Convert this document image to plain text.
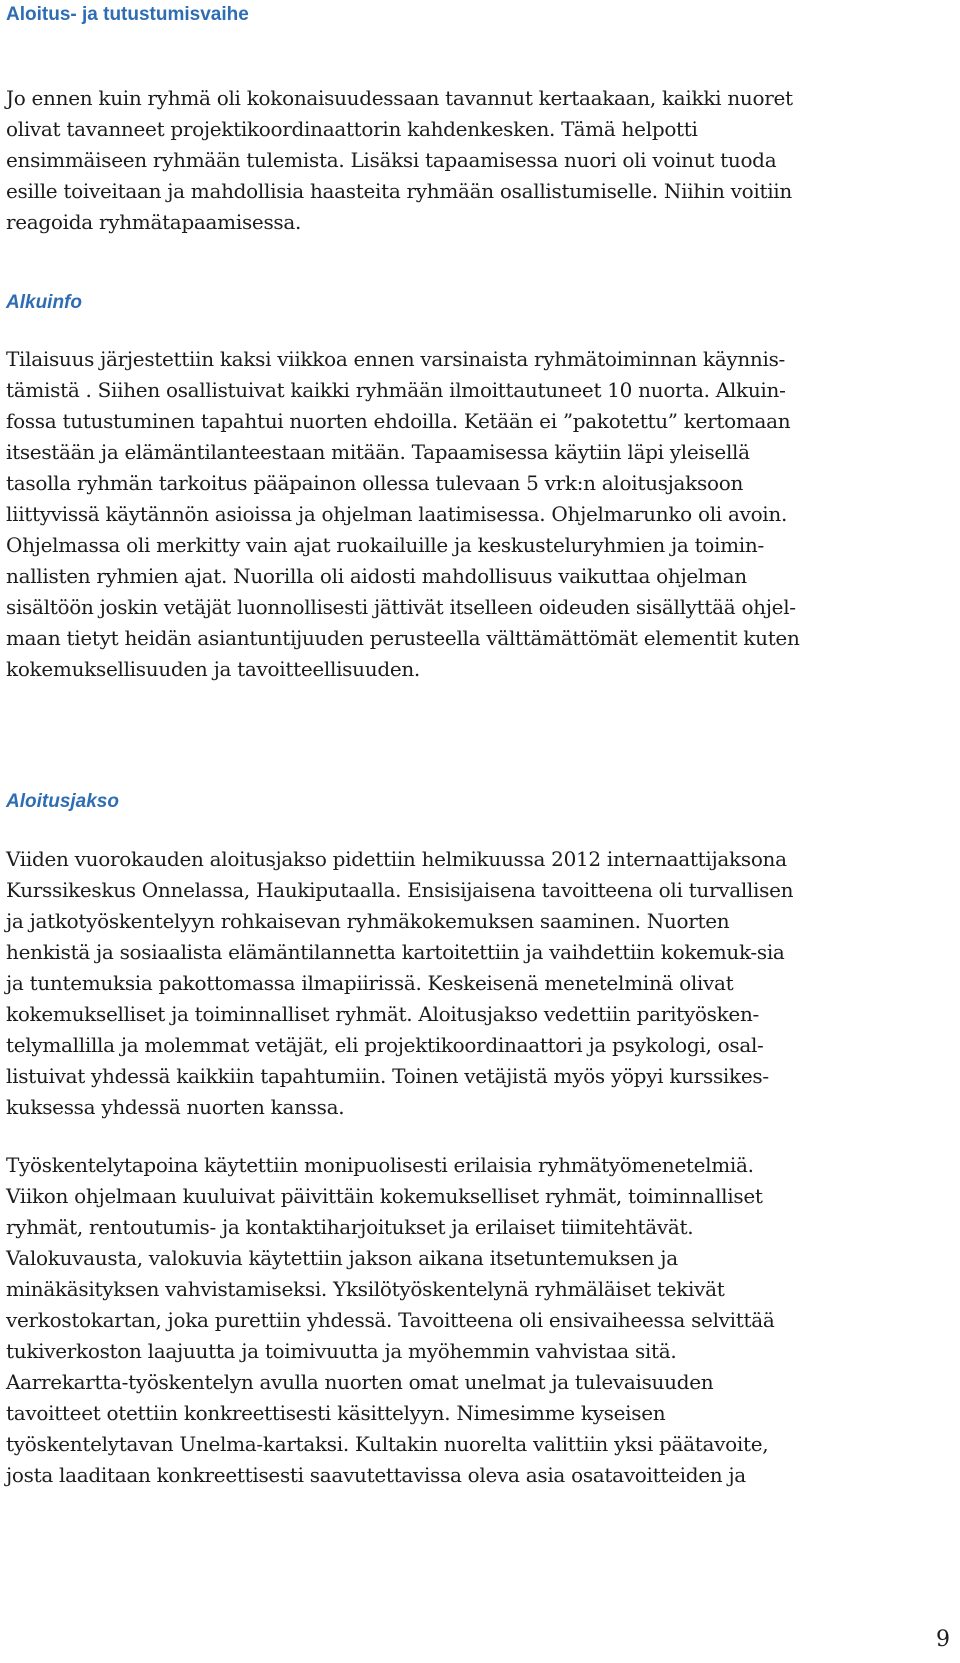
Aloitus- ja tutustumisvaihe

Jo ennen kuin ryhmä oli kokonaisuudessaan tavannut kertaakaan, kaikki nuoret
olivat tavanneet projektikoordinaattorin kahdenkesken. Tämä helpotti
ensimmäiseen ryhmään tulemista. Lisäksi tapaamisessa nuori oli voinut tuoda
esille toiveitaan ja mahdollisia haasteita ryhmään osallistumiselle. Niihin voitiin
reagoida ryhmätapaamisessa.

Alkuinfo

Tilaisuus järjestettiin kaksi viikkoa ennen varsinaista ryhmätoiminnan käynnis-
tämistä . Siihen osallistuivat kaikki ryhmään ilmoittautuneet 10 nuorta. Alkuin-
fossa tutustuminen tapahtui nuorten ehdoilla. Ketään ei ”pakotettu” kertomaan
itsestään ja elämäntilanteestaan mitään. Tapaamisessa käytiin läpi yleisellä
tasolla ryhmän tarkoitus pääpainon ollessa tulevaan 5 vrk:n aloitusjaksoon
liittyvissä käytännön asioissa ja ohjelman laatimisessa. Ohjelmarunko oli avoin.
Ohjelmassa oli merkitty vain ajat ruokailuille ja keskusteluryhmien ja toimin-
nallisten ryhmien ajat. Nuorilla oli aidosti mahdollisuus vaikuttaa ohjelman
sisältöön joskin vetäjät luonnollisesti jättivät itselleen oideuden sisällyttää ohjel-
maan tietyt heidän asiantuntijuuden perusteella välttämättömät elementit kuten
kokemuksellisuuden ja tavoitteellisuuden.

Aloitusjakso

Viiden vuorokauden aloitusjakso pidettiin helmikuussa 2012 internaattijaksona
Kurssikeskus Onnelassa, Haukiputaalla. Ensisijaisena tavoitteena oli turvallisen
ja jatkotyöskentelyyn rohkaisevan ryhmäkokemuksen saaminen. Nuorten
henkistä ja sosiaalista elämäntilannetta kartoitettiin ja vaihdettiin kokemuk-sia
ja tuntemuksia pakottomassa ilmapiirissä. Keskeisenä menetelminä olivat
kokemukselliset ja toiminnalliset ryhmät. Aloitusjakso vedettiin parityösken-
telymallilla ja molemmat vetäjät, eli projektikoordinaattori ja psykologi, osal-
listuivat yhdessä kaikkiin tapahtumiin. Toinen vetäjistä myös yöpyi kurssikes-
kuksessa yhdessä nuorten kanssa.

Työskentelytapoina käytettiin monipuolisesti erilaisia ryhmätyömenetelmiä.
Viikon ohjelmaan kuuluivat päivittäin kokemukselliset ryhmät, toiminnalliset
ryhmät, rentoutumis- ja kontaktiharjoitukset ja erilaiset tiimitehtävät.
Valokuvausta, valokuvia käytettiin jakson aikana itsetuntemuksen ja
minäkäsityksen vahvistamiseksi. Yksilötyöskentelynä ryhmäläiset tekivät
verkostokartan, joka purettiin yhdessä. Tavoitteena oli ensivaiheessa selvittää
tukiverkoston laajuutta ja toimivuutta ja myöhemmin vahvistaa sitä.
Aarrekartta-työskentelyn avulla nuorten omat unelmat ja tulevaisuuden
tavoitteet otettiin konkreettisesti käsittelyyn. Nimesimme kyseisen
työskentelytavan Unelma-kartaksi. Kultakin nuorelta valittiin yksi päätavoite,
josta laaditaan konkreettisesti saavutettavissa oleva asia osatavoitteiden ja

9
